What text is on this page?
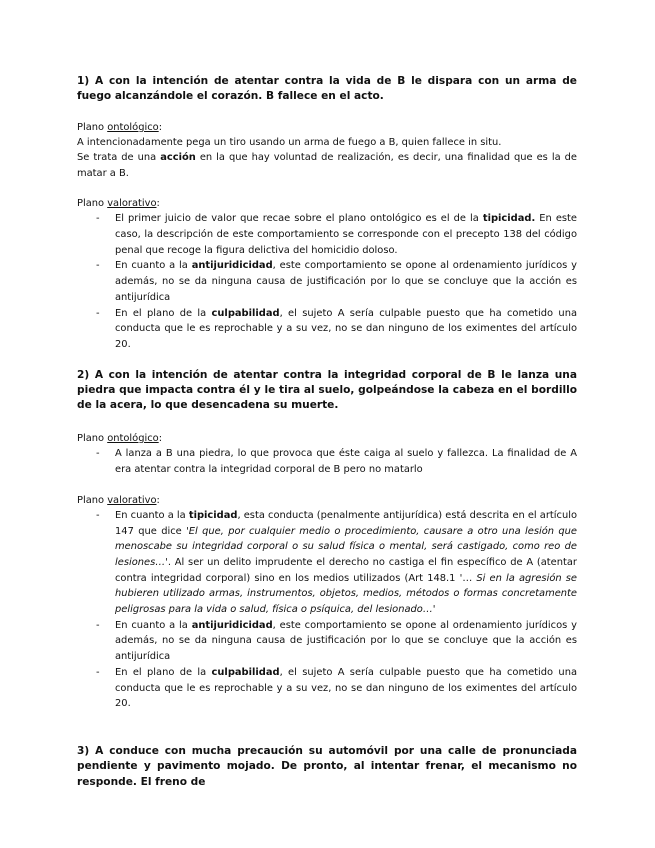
1) A con la intención de atentar contra la vida de B le dispara con un arma de fuego alcanzándole el corazón. B fallece en el acto.

Plano ontológico:

A intencionadamente pega un tiro usando un arma de fuego a B, quien fallece in situ.

Se trata de una acción en la que hay voluntad de realización, es decir, una finalidad que es la de matar a B.

Plano valorativo:

- El primer juicio de valor que recae sobre el plano ontológico es el de la tipicidad. En este caso, la descripción de este comportamiento se corresponde con el precepto 138 del código penal que recoge la figura delictiva del homicidio doloso.
- En cuanto a la antijuridicidad, este comportamiento se opone al ordenamiento jurídicos y además, no se da ninguna causa de justificación por lo que se concluye que la acción es antijurídica
- En el plano de la culpabilidad, el sujeto A sería culpable puesto que ha cometido una conducta que le es reprochable y a su vez, no se dan ninguno de los eximentes del artículo 20.

2) A con la intención de atentar contra la integridad corporal de B le lanza una piedra que impacta contra él y le tira al suelo, golpeándose la cabeza en el bordillo de la acera, lo que desencadena su muerte.

Plano ontológico:

- A lanza a B una piedra, lo que provoca que éste caiga al suelo y fallezca. La finalidad de A era atentar contra la integridad corporal de B pero no matarlo

Plano valorativo:

- En cuanto a la tipicidad, esta conducta (penalmente antijurídica) está descrita en el artículo 147 que dice 'El que, por cualquier medio o procedimiento, causare a otro una lesión que menoscabe su integridad corporal o su salud física o mental, será castigado, como reo de lesiones…'. Al ser un delito imprudente el derecho no castiga el fin específico de A (atentar contra integridad corporal) sino en los medios utilizados (Art 148.1 '… Si en la agresión se hubieren utilizado armas, instrumentos, objetos, medios, métodos o formas concretamente peligrosas para la vida o salud, física o psíquica, del lesionado…'
- En cuanto a la antijuridicidad, este comportamiento se opone al ordenamiento jurídicos y además, no se da ninguna causa de justificación por lo que se concluye que la acción es antijurídica
- En el plano de la culpabilidad, el sujeto A sería culpable puesto que ha cometido una conducta que le es reprochable y a su vez, no se dan ninguno de los eximentes del artículo 20.

3) A conduce con mucha precaución su automóvil por una calle de pronunciada pendiente y pavimento mojado. De pronto, al intentar frenar, el mecanismo no responde. El freno de
